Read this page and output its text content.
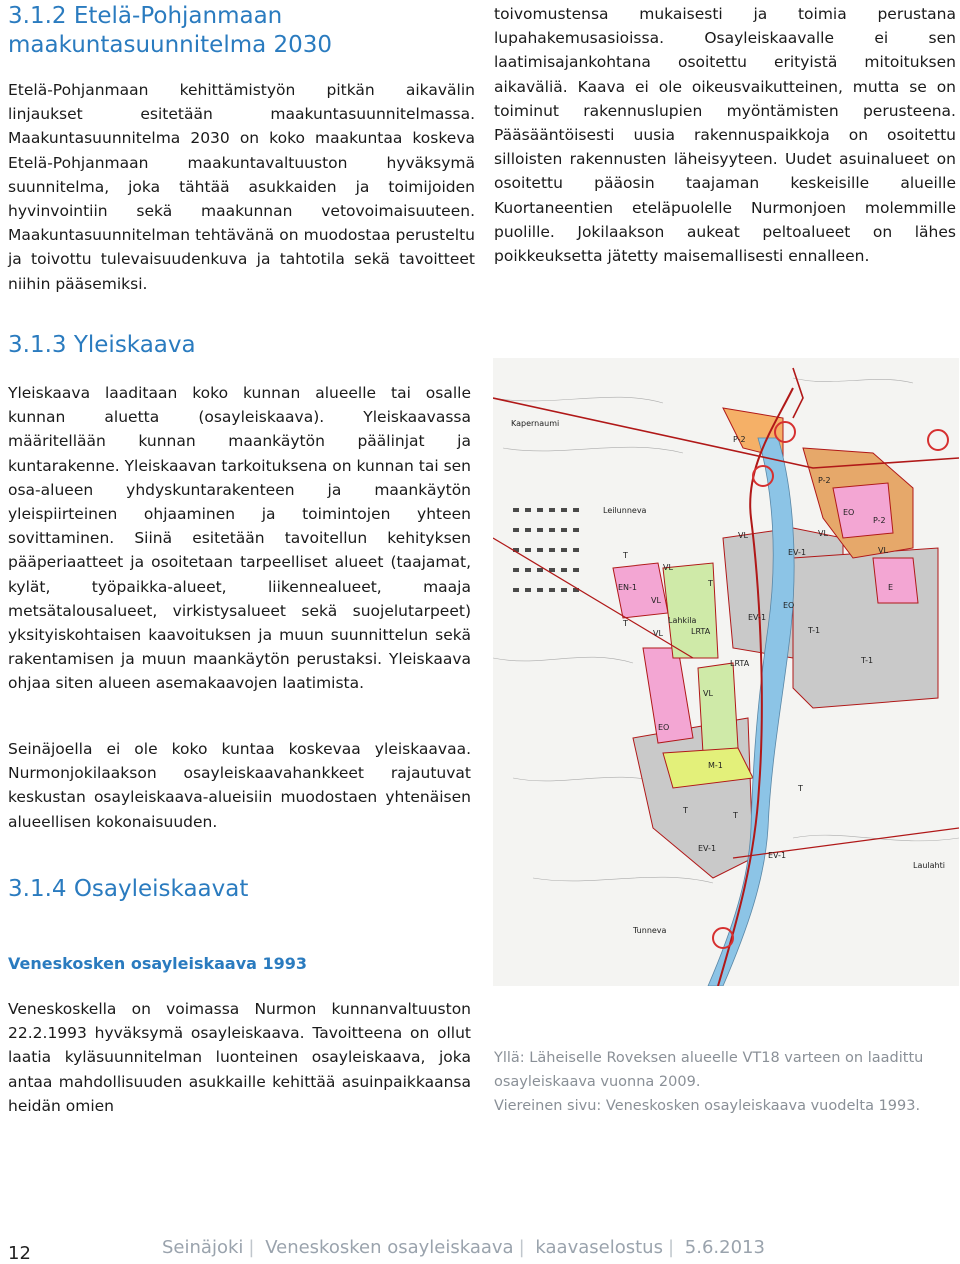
3.1.2 Etelä-Pohjanmaan maakuntasuunnitelma 2030

Etelä-Pohjanmaan kehittämistyön pitkän aikavälin linjaukset esitetään maakuntasuunnitelmassa. Maakuntasuunnitelma 2030 on koko maakuntaa koskeva Etelä-Pohjanmaan maakuntavaltuuston hyväksymä suunnitelma, joka tähtää asukkaiden ja toimijoiden hyvinvointiin sekä maakunnan vetovoimaisuuteen. Maakuntasuunnitelman tehtävänä on muodostaa perusteltu ja toivottu tulevaisuudenkuva ja tahtotila sekä tavoitteet niihin pääsemiksi.

3.1.3 Yleiskaava

Yleiskaava laaditaan koko kunnan alueelle tai osalle kunnan aluetta (osayleiskaava). Yleiskaavassa määritellään kunnan maankäytön päälinjat ja kuntarakenne. Yleiskaavan tarkoituksena on kunnan tai sen osa-alueen yhdyskuntarakenteen ja maankäytön yleispiirteinen ohjaaminen ja toimintojen yhteen sovittaminen. Siinä esitetään tavoitellun kehityksen pääperiaatteet ja osoitetaan tarpeelliset alueet (taajamat, kylät, työpaikka-alueet, liikennealueet, maaja metsätalousalueet, virkistysalueet sekä suojelutarpeet) yksityiskohtaisen kaavoituksen ja muun suunnittelun sekä rakentamisen ja muun maankäytön perustaksi. Yleiskaava ohjaa siten alueen asemakaavojen laatimista.

Seinäjoella ei ole koko kuntaa koskevaa yleiskaavaa. Nurmonjokilaakson osayleiskaavahankkeet rajautuvat keskustan osayleiskaava-alueisiin muodostaen yhtenäisen alueellisen kokonaisuuden.

3.1.4 Osayleiskaavat
Veneskosken osayleiskaava 1993

Veneskoskella on voimassa Nurmon kunnanvaltuuston 22.2.1993 hyväksymä osayleiskaava. Tavoitteena on ollut laatia kyläsuunnitelman luonteinen osayleiskaava, joka antaa mahdollisuuden asukkaille kehittää asuinpaikkaansa heidän omien

toivomustensa mukaisesti ja toimia perustana lupahakemusasioissa. Osayleiskaavalle ei sen laatimisajankohtana osoitettu erityistä mitoituksen aikaväliä. Kaava ei ole oikeusvaikutteinen, mutta se on toiminut rakennuslupien myöntämisten perusteena. Pääsääntöisesti uusia rakennuspaikkoja on osoitettu silloisten rakennusten läheisyyteen. Uudet asuinalueet on osoitettu pääosin taajaman keskeisille alueille Kuortaneentien eteläpuolelle Nurmonjoen molemmille puolille. Jokilaakson aukeat peltoalueet on lähes poikkeuksetta jätetty maisemallisesti ennalleen.

Kapernaumi
Leilunneva
Lahkila
Laulahti
Tunneva
P-2
P-2
P-2
EO
EO
EO
EN-1
EV-1
EV-1
EV-1
EV-1
T-1
T-1
VL	VL
VL
VL
VL
VL
VL
LRTA
LRTA
M-1
E
T
T
T
T
T
T

Yllä: Läheiselle Roveksen alueelle VT18 varteen on laadittu osayleiskaava vuonna 2009.

Viereinen sivu: Veneskosken osayleiskaava vuodelta 1993.

12	Seinäjoki | Veneskosken osayleiskaava | kaavaselostus | 5.6.2013
